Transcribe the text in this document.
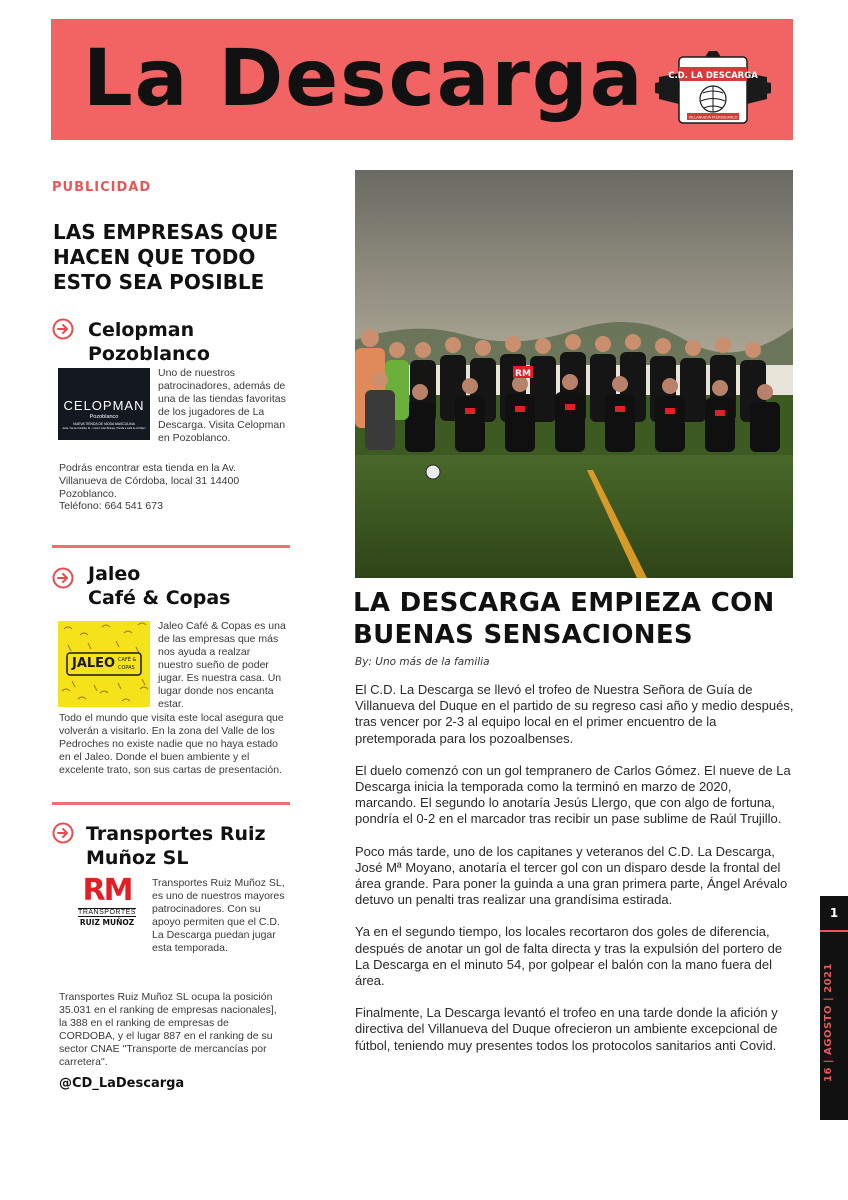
La Descarga	C.D. LA DESCARGA
VILLANUEVA POZOBLANCO
PUBLICIDAD
LAS EMPRESAS QUE HACEN QUE TODO ESTO SEA POSIBLE
Celopman
Pozoblanco
CELOPMAN
Pozoblanco
NUEVA TIENDA DE MODA MASCULINA
Avda. Vva de Córdoba, 31 · Local 1 Gran Bosque | Tienda a Lotfa de 21:00pm
Uno de nuestros patrocinadores, además de una de las tiendas favoritas de los jugadores de La Descarga. Visita Celopman en Pozoblanco.
Podrás encontrar esta tienda en la Av. Villanueva de Córdoba, local 31 14400 Pozoblanco.
Teléfono: 664 541 673
Jaleo
Café & Copas
JALEO CAFÉ &
COPAS
Jaleo Café & Copas es una de las empresas que más nos ayuda a realzar nuestro sueño de poder jugar. Es nuestra casa. Un lugar donde nos encanta estar.
Todo el mundo que visita este local asegura que volverán a visitarlo. En la zona del Valle de los Pedroches no existe nadie que no haya estado en el Jaleo. Donde el buen ambiente y el excelente trato, son sus cartas de presentación.
Transportes Ruiz
Muñoz SL
RM
TRANSPORTES
RUIZ MUÑOZ
Transportes Ruiz Muñoz SL, es uno de nuestros mayores patrocinadores. Con su apoyo permiten que el C.D. La Descarga puedan jugar esta temporada.
Transportes Ruiz Muñoz SL ocupa la posición 35.031 en el ranking de empresas nacionales], la 388 en el ranking de empresas de CORDOBA, y el lugar 887 en el ranking de su sector CNAE "Transporte de mercancías por carretera".
@CD_LaDescarga
RM
LA DESCARGA EMPIEZA CON BUENAS SENSACIONES
By: Uno más de la familia

El C.D. La Descarga se llevó el trofeo de Nuestra Señora de Guía de Villanueva del Duque en el partido de su regreso casi año y medio después, tras vencer por 2-3 al equipo local en el primer encuentro de la pretemporada para los pozoalbenses.

El duelo comenzó con un gol tempranero de Carlos Gómez. El nueve de La Descarga inicia la temporada como la terminó en marzo de 2020, marcando. El segundo lo anotaría Jesús Llergo, que con algo de fortuna, pondría el 0-2 en el marcador tras recibir un pase sublime de Raúl Trujillo.

Poco más tarde, uno de los capitanes y veteranos del C.D. La Descarga, José Mª Moyano, anotaría el tercer gol con un disparo desde la frontal del área grande. Para poner la guinda a una gran primera parte, Ángel Arévalo detuvo un penalti tras realizar una grandísima estirada.

Ya en el segundo tiempo, los locales recortaron dos goles de diferencia, después de anotar un gol de falta directa y tras la expulsión del portero de La Descarga en el minuto 54, por golpear el balón con la mano fuera del área.

Finalmente, La Descarga levantó el trofeo en una tarde donde la afición y directiva del Villanueva del Duque ofrecieron un ambiente excepcional de fútbol, teniendo muy presentes todos los protocolos sanitarios anti Covid.

1
16 | AGOSTO | 2021
